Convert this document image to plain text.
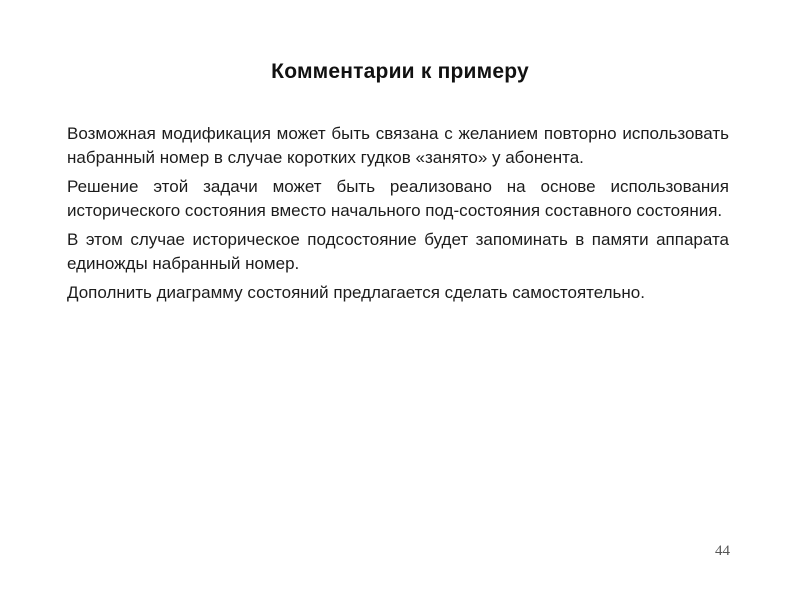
Комментарии к примеру

Возможная модификация может быть связана с желанием повторно использовать набранный номер в случае коротких гудков «занято» у абонента.

Решение этой задачи может быть реализовано на основе использования исторического состояния вместо начального под-состояния составного состояния.

В этом случае историческое подсостояние будет запоминать в памяти аппарата единожды набранный номер.

Дополнить диаграмму состояний предлагается сделать самостоятельно.

44
